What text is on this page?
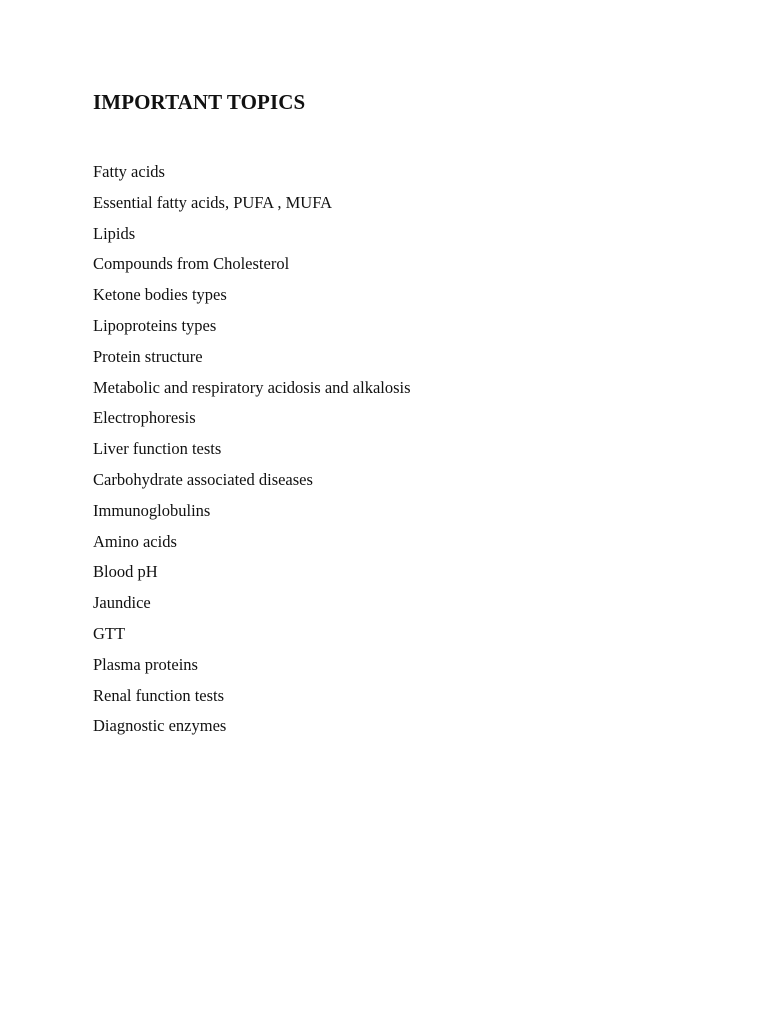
IMPORTANT TOPICS
Fatty acids
Essential fatty acids, PUFA , MUFA
Lipids
Compounds from Cholesterol
Ketone bodies types
Lipoproteins types
Protein structure
Metabolic and respiratory acidosis and alkalosis
Electrophoresis
Liver function tests
Carbohydrate associated diseases
Immunoglobulins
Amino acids
Blood pH
Jaundice
GTT
Plasma proteins
Renal function tests
Diagnostic enzymes
